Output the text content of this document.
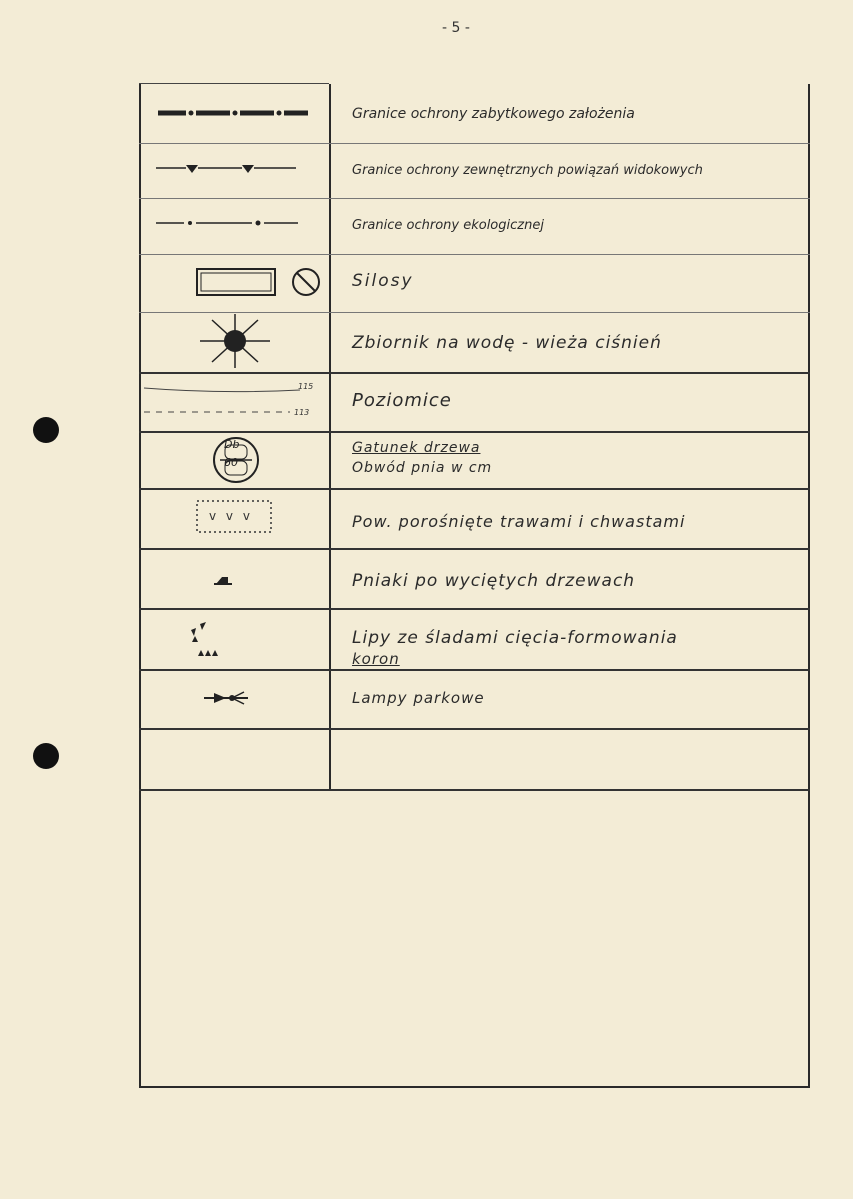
- 5 -
Granice ochrony zabytkowego założenia
Granice ochrony zewnętrznych powiązań widokowych
Granice ochrony ekologicznej
Silosy
Zbiornik na wodę - wieża ciśnień
115
113
Poziomice
Db
60
Gatunek drzewa
Obwód pnia w cm
v v v	Pow. porośnięte trawami i chwastami
Pniaki po wyciętych drzewach
Lipy ze śladami cięcia-formowania
koron
Lampy parkowe
